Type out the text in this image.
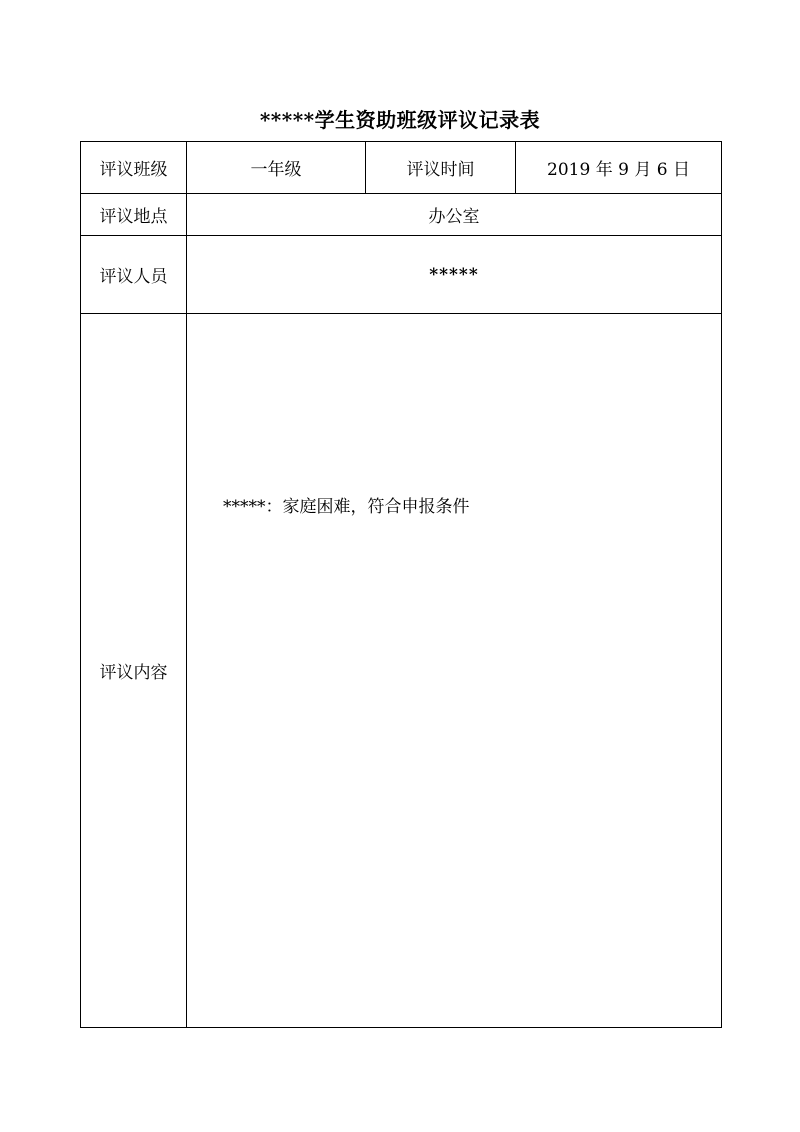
*****学生资助班级评议记录表
评议班级	一年级	评议时间	2019 年 9 月 6 日
评议地点	办公室		
评议人员	*****		
评议内容	*****：家庭困难，符合申报条件		
